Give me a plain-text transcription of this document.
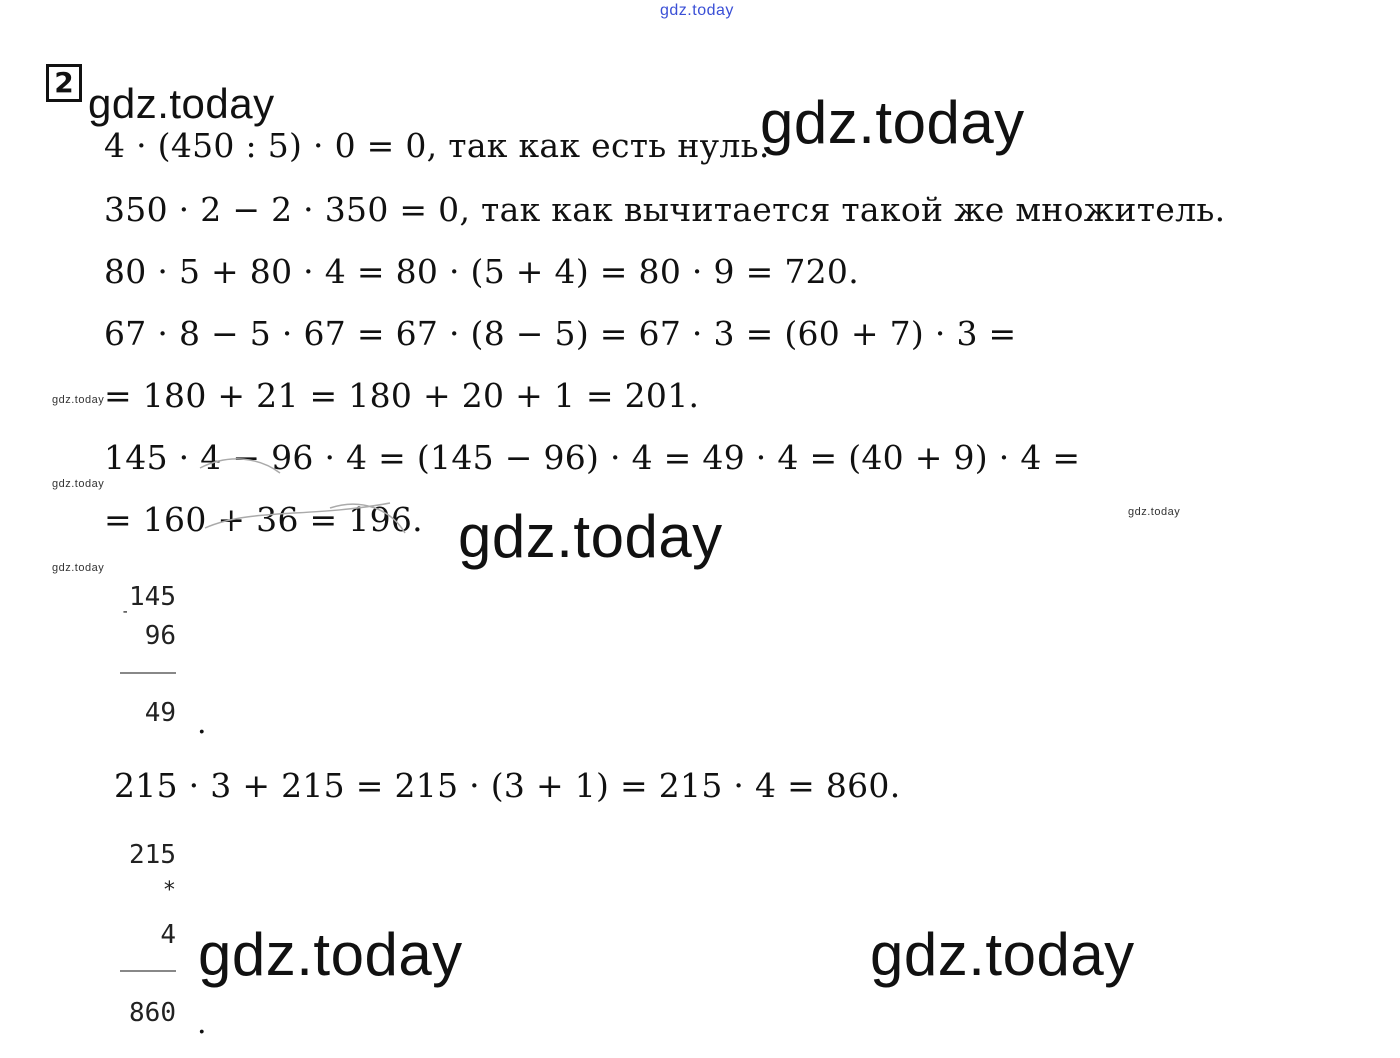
gdz.today
2 gdz.today	gdz.today
gdz.today
gdz.today	gdz.today
gdz.today
gdz.today
gdz.today
gdz.today
4 · (450 : 5) · 0 = 0, так как есть нуль.
350 · 2 − 2 · 350 = 0, так как вычитается такой же множитель.
80 · 5 + 80 · 4 = 80 · (5 + 4) = 80 · 9 = 720.
67 · 8 − 5 · 67 = 67 · (8 − 5) = 67 · 3 = (60 + 7) · 3 =
= 180 + 21 = 180 + 20 + 1 = 201.
145 · 4 − 96 · 4 = (145 − 96) · 4 = 49 · 4 = (40 + 9) · 4 =
= 160 + 36 = 196.
145
-
96
49 .
215 · 3 + 215 = 215 · (3 + 1) = 215 · 4 = 860.
215
*
4
860 .
